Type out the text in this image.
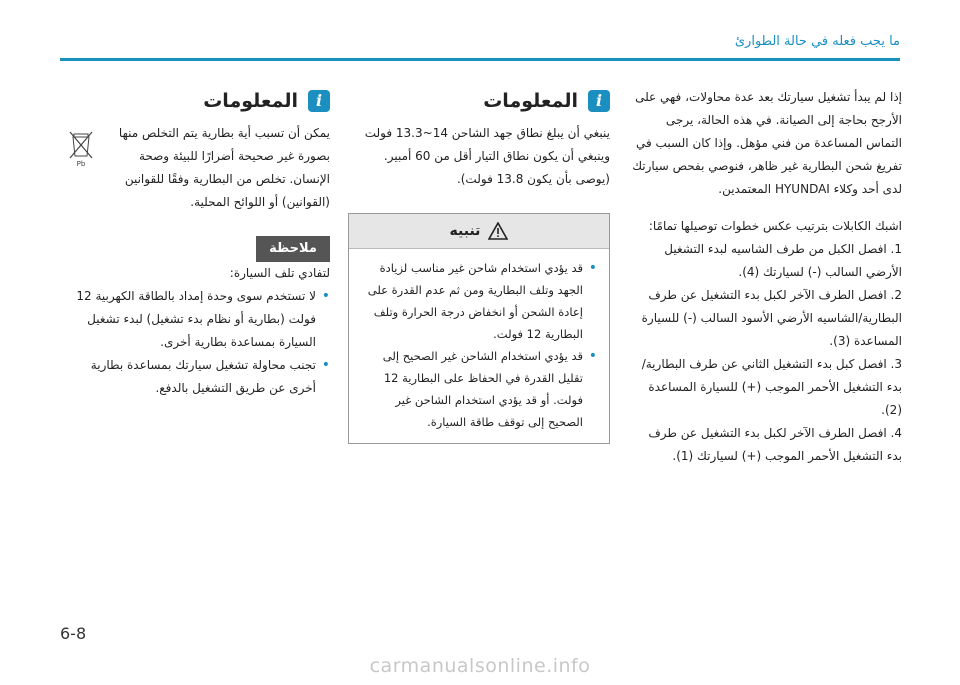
ما يجب فعله في حالة الطوارئ

إذا لم يبدأ تشغيل سيارتك بعد عدة محاولات، فهي على الأرجح بحاجة إلى الصيانة. في هذه الحالة، يرجى التماس المساعدة من فني مؤهل. وإذا كان السبب في تفريغ شحن البطارية غير ظاهر، فنوصي بفحص سيارتك لدى أحد وكلاء HYUNDAI المعتمدين.

اشبك الكابلات بترتيب عكس خطوات توصيلها تمامًا:

1. افصل الكبل من طرف الشاسيه لبدء التشغيل الأرضي السالب (-) لسيارتك (4).

2. افصل الطرف الآخر لكبل بدء التشغيل عن طرف البطارية/الشاسيه الأرضي الأسود السالب (-) للسيارة المساعدة (3).

3. افصل كبل بدء التشغيل الثاني عن طرف البطارية/بدء التشغيل الأحمر الموجب (+) للسيارة المساعدة (2).

4. افصل الطرف الآخر لكبل بدء التشغيل عن طرف بدء التشغيل الأحمر الموجب (+) لسيارتك (1).

i
المعلومات

ينبغي أن يبلغ نطاق جهد الشاحن 14~13.3 فولت وينبغي أن يكون نطاق التيار أقل من 60 أمبير. (يوصى بأن يكون 13.8 فولت).

تنبيه

• قد يؤدي استخدام شاحن غير مناسب لزيادة الجهد وتلف البطارية ومن ثم عدم القدرة على إعادة الشحن أو انخفاض درجة الحرارة وتلف البطارية 12 فولت.

• قد يؤدي استخدام الشاحن غير الصحيح إلى تقليل القدرة في الحفاظ على البطارية 12 فولت. أو قد يؤدي استخدام الشاحن غير الصحيح إلى توقف طاقة السيارة.

i
المعلومات

يمكن أن تسبب أية بطارية يتم التخلص منها بصورة غير صحيحة أضرارًا للبيئة وصحة الإنسان. تخلص من البطارية وفقًا للقوانين (القوانين) أو اللوائح المحلية.

Pb
ملاحظة

لتفادي تلف السيارة:

• لا تستخدم سوى وحدة إمداد بالطاقة الكهربية 12 فولت (بطارية أو نظام بدء تشغيل) لبدء تشغيل السيارة بمساعدة بطارية أخرى.

• تجنب محاولة تشغيل سيارتك بمساعدة بطارية أخرى عن طريق التشغيل بالدفع.

6-8
carmanualsonline.info
